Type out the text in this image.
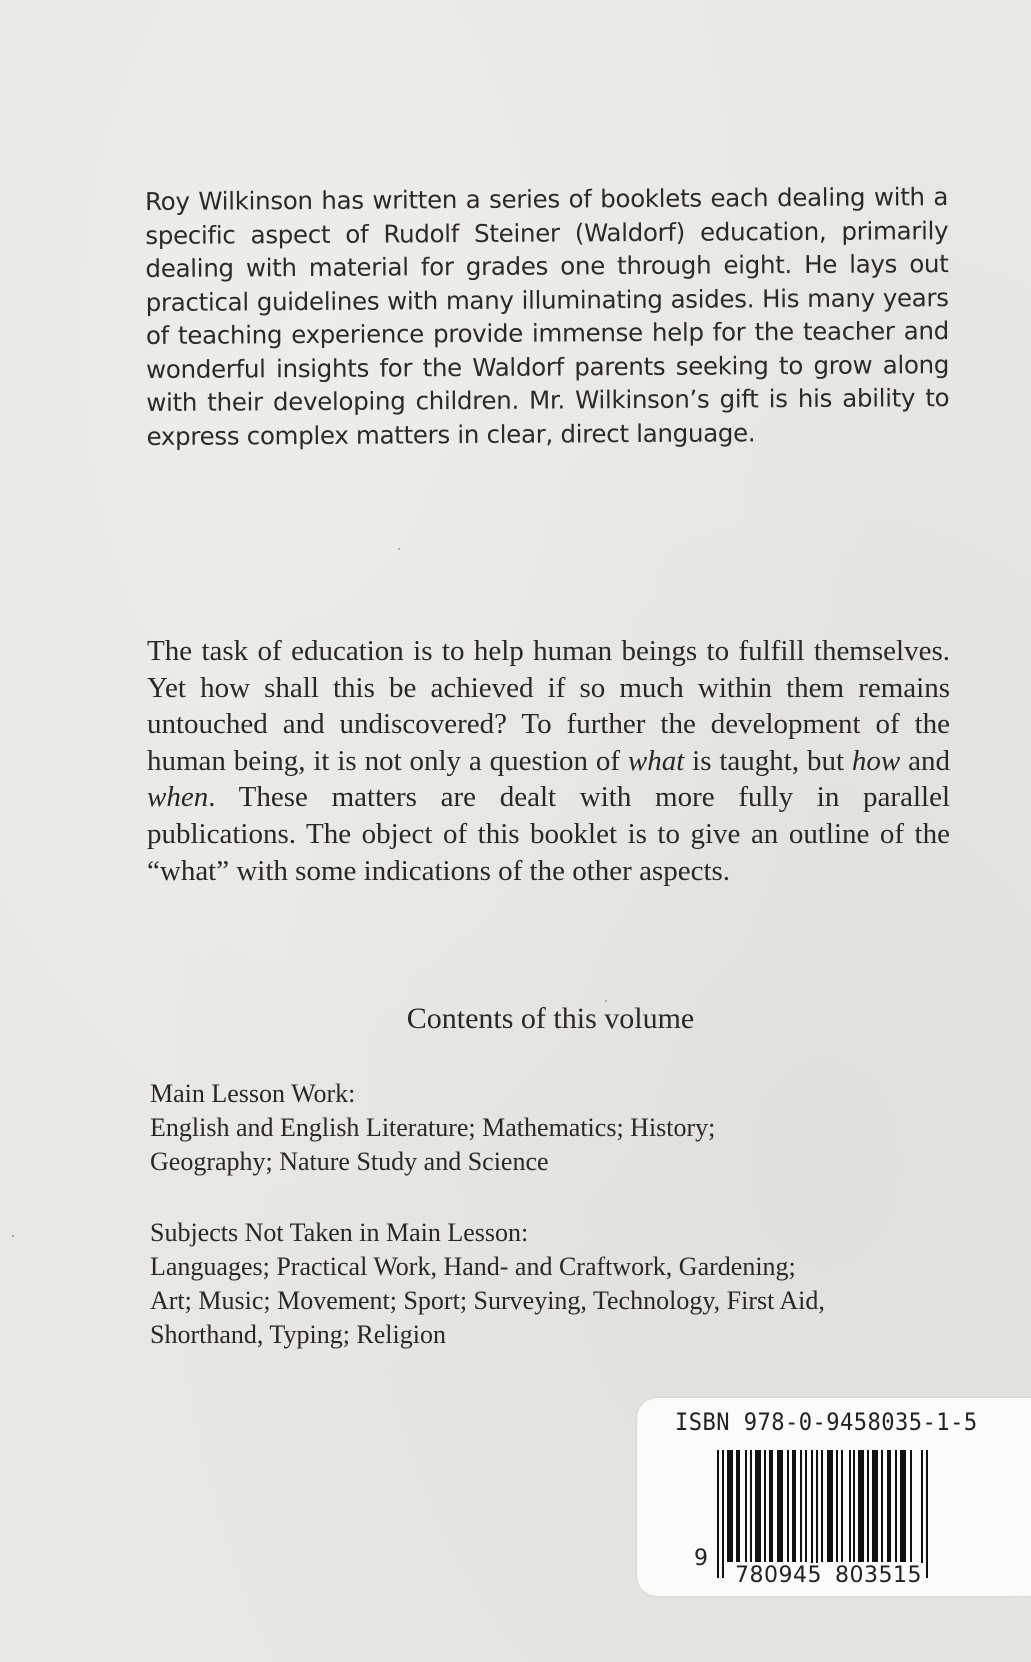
Roy Wilkinson has written a series of booklets each dealing with a specific aspect of Rudolf Steiner (Waldorf) education, primarily dealing with material for grades one through eight. He lays out practical guidelines with many illuminating asides. His many years of teaching experience provide immense help for the teacher and wonderful insights for the Waldorf parents seeking to grow along with their developing children. Mr. Wilkinson’s gift is his ability to express complex matters in clear, direct language.

The task of education is to help human beings to fulfill themselves. Yet how shall this be achieved if so much within them remains untouched and undiscovered? To further the development of the human being, it is not only a question of what is taught, but how and when. These matters are dealt with more fully in parallel publications. The object of this booklet is to give an outline of the “what” with some indications of the other aspects.

Contents of this volume

Main Lesson Work:

English and English Literature; Mathematics; History;

Geography; Nature Study and Science

Subjects Not Taken in Main Lesson:

Languages; Practical Work, Hand- and Craftwork, Gardening;

Art; Music; Movement; Sport; Surveying, Technology, First Aid,

Shorthand, Typing; Religion

ISBN 978-0-9458035-1-5
9
780945 803515
